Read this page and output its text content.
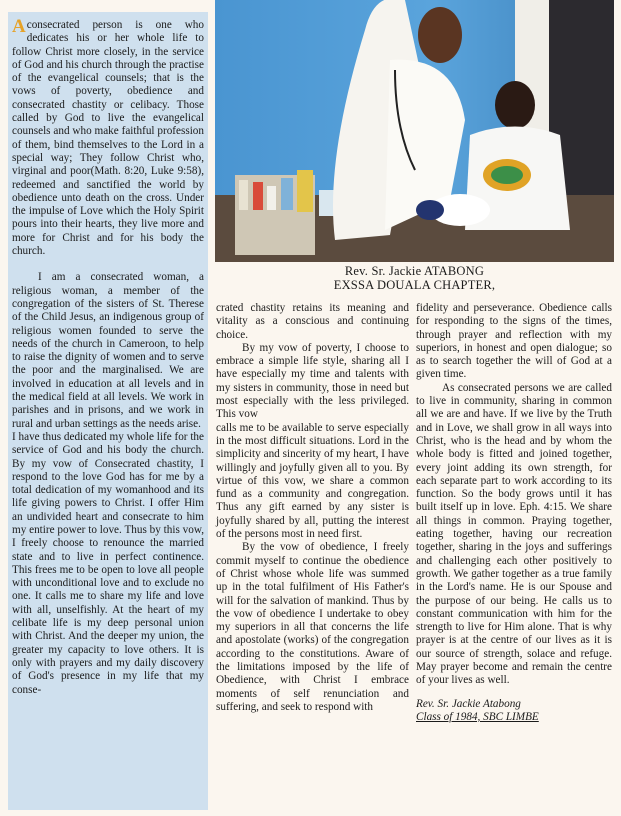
A consecrated person is one who dedicates his or her whole life to follow Christ more closely, in the service of God and his church through the practise of the evangelical counsels; that is the vows of poverty, obedience and consecrated chastity or celibacy. Those called by God to live the evangelical counsels and who make faithful profession of them, bind themselves to the Lord in a special way; They follow Christ who, virginal and poor(Math. 8:20, Luke 9:58), redeemed and sanctified the world by obedience unto death on the cross. Under the impulse of Love which the Holy Spirit pours into their hearts, they live more and more for Christ and for his body the church.

I am a consecrated woman, a religious woman, a member of the congregation of the sisters of St. Therese of the Child Jesus, an indigenous group of religious women founded to serve the needs of the church in Cameroon, to help to raise the dignity of women and to serve the poor and the marginalised. We are involved in education at all levels and in the medical field at all levels. We work in parishes and in prisons, and we work in rural and urban settings as the needs arise.

I have thus dedicated my whole life for the service of God and his body the church. By my vow of Consecrated chastity, I respond to the love God has for me by a total dedication of my womanhood and its life giving powers to Christ. I offer Him an undivided heart and consecrate to him my entire power to love. Thus by this vow, I freely choose to renounce the married state and to live in perfect continence. This frees me to be open to love all people with unconditional love and to exclude no one. It calls me to share my life and love with all, unselfishly. At the heart of my celibate life is my deep personal union with Christ. And the deeper my union, the greater my capacity to love others. It is only with prayers and my daily discovery of God's presence in my life that my conse-

Rev. Sr. Jackie ATABONG
EXSSA DOUALA CHAPTER,

crated chastity retains its meaning and vitality as a conscious and continuing choice.

By my vow of poverty, I choose to embrace a simple life style, sharing all I have especially my time and talents with my sisters in community, those in need but most especially with the less privileged. This vow

calls me to be available to serve especially in the most difficult situations. Lord in the simplicity and sincerity of my heart, I have willingly and joyfully given all to you. By virtue of this vow, we share a common fund as a community and congregation. Thus any gift earned by any sister is joyfully shared by all, putting the interest of the persons most in need first.

By the vow of obedience, I freely commit myself to continue the obedience of Christ whose whole life was summed up in the total fulfilment of His Father's will for the salvation of mankind. Thus by the vow of obedience I undertake to obey my superiors in all that concerns the life and apostolate (works) of the congregation according to the constitutions. Aware of the limitations imposed by the life of Obedience, with Christ I embrace moments of self renunciation and suffering, and seek to respond with

fidelity and perseverance. Obedience calls for responding to the signs of the times, through prayer and reflection with my superiors, in honest and open dialogue; so as to search together the will of God at a given time.

As consecrated persons we are called to live in community, sharing in common all we are and have. If we live by the Truth and in Love, we shall grow in all ways into Christ, who is the head and by whom the whole body is fitted and joined together, every joint adding its own strength, for each separate part to work according to its function. So the body grows until it has built itself up in love. Eph. 4:15. We share all things in common. Praying together, eating together, having our recreation together, sharing in the joys and sufferings and challenging each other positively to growth. We gather together as a true family in the Lord's name. He is our Spouse and the purpose of our being. He calls us to constant communication with him for the strength to live for Him alone. That is why prayer is at the centre of our lives as it is our source of strength, solace and refuge. May prayer become and remain the centre of your lives as well.

Rev. Sr. Jackie Atabong
Class of 1984, SBC LIMBE
